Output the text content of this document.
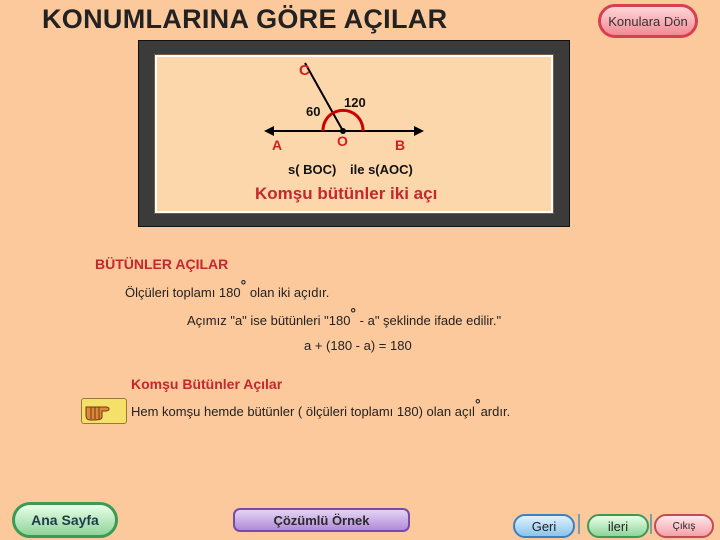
KONUMLARINA GÖRE AÇILAR	Konulara Dön
C
60
120
A	O	B
s( BOC) ile s(AOC)
Komşu bütünler iki açı
BÜTÜNLER AÇILAR
Ölçüleri toplamı 180° olan iki açıdır.
Açımız "a" ise bütünleri "180° - a" şeklinde ifade edilir."
a + (180 - a) = 180
Komşu Bütünler Açılar
Hem komşu hemde bütünler ( ölçüleri toplamı 180) olan açıl°ardır.
Ana Sayfa	Çözümlü Örnek	Geri	ileri	Çıkış
